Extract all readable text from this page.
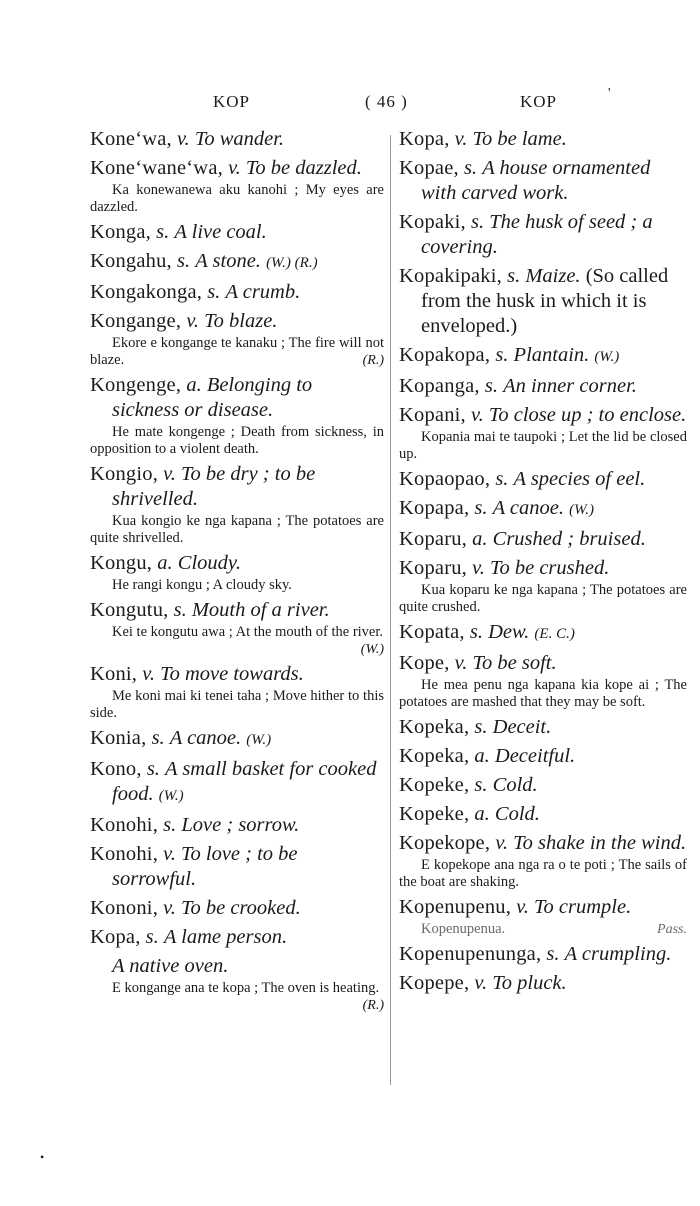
KOP	( 46 )	KOP	'
Kone‘wa, v. To wander.
Kone‘wane‘wa, v. To be dazzled.
Ka konewanewa aku kanohi ; My eyes are dazzled.
Konga, s. A live coal.
Kongahu, s. A stone. (W.) (R.)
Kongakonga, s. A crumb.
Kongange, v. To blaze.
Ekore e kongange te kanaku ; The fire will not blaze.	(R.)
Kongenge, a. Belonging to sickness or disease.
He mate kongenge ; Death from sickness, in opposition to a violent death.
Kongio, v. To be dry ; to be shrivelled.
Kua kongio ke nga kapana ; The potatoes are quite shrivelled.
Kongu, a. Cloudy.
He rangi kongu ; A cloudy sky.
Kongutu, s. Mouth of a river.
Kei te kongutu awa ; At the mouth of the river.
(W.)
Koni, v. To move towards.
Me koni mai ki tenei taha ; Move hither to this side.
Konia, s. A canoe. (W.)
Kono, s. A small basket for cooked food. (W.)
Konohi, s. Love ; sorrow.
Konohi, v. To love ; to be sorrowful.
Kononi, v. To be crooked.
Kopa, s. A lame person.
A native oven.
E kongange ana te kopa ; The oven is heating.
(R.)
Kopa, v. To be lame.
Kopae, s. A house ornamented with carved work.
Kopaki, s. The husk of seed ; a covering.
Kopakipaki, s. Maize. (So called from the husk in which it is enveloped.)
Kopakopa, s. Plantain. (W.)
Kopanga, s. An inner corner.
Kopani, v. To close up ; to enclose.
Kopania mai te taupoki ; Let the lid be closed up.
Kopaopao, s. A species of eel.
Kopapa, s. A canoe. (W.)
Koparu, a. Crushed ; bruised.
Koparu, v. To be crushed.
Kua koparu ke nga kapana ; The potatoes are quite crushed.
Kopata, s. Dew. (E. C.)
Kope, v. To be soft.
He mea penu nga kapana kia kope ai ; The potatoes are mashed that they may be soft.
Kopeka, s. Deceit.
Kopeka, a. Deceitful.
Kopeke, s. Cold.
Kopeke, a. Cold.
Kopekope, v. To shake in the wind.
E kopekope ana nga ra o te poti ; The sails of the boat are shaking.
Kopenupenu, v. To crumple.
Pass.
Kopenupenua.
Kopenupenunga, s. A crumpling.
Kopepe, v. To pluck.
•
